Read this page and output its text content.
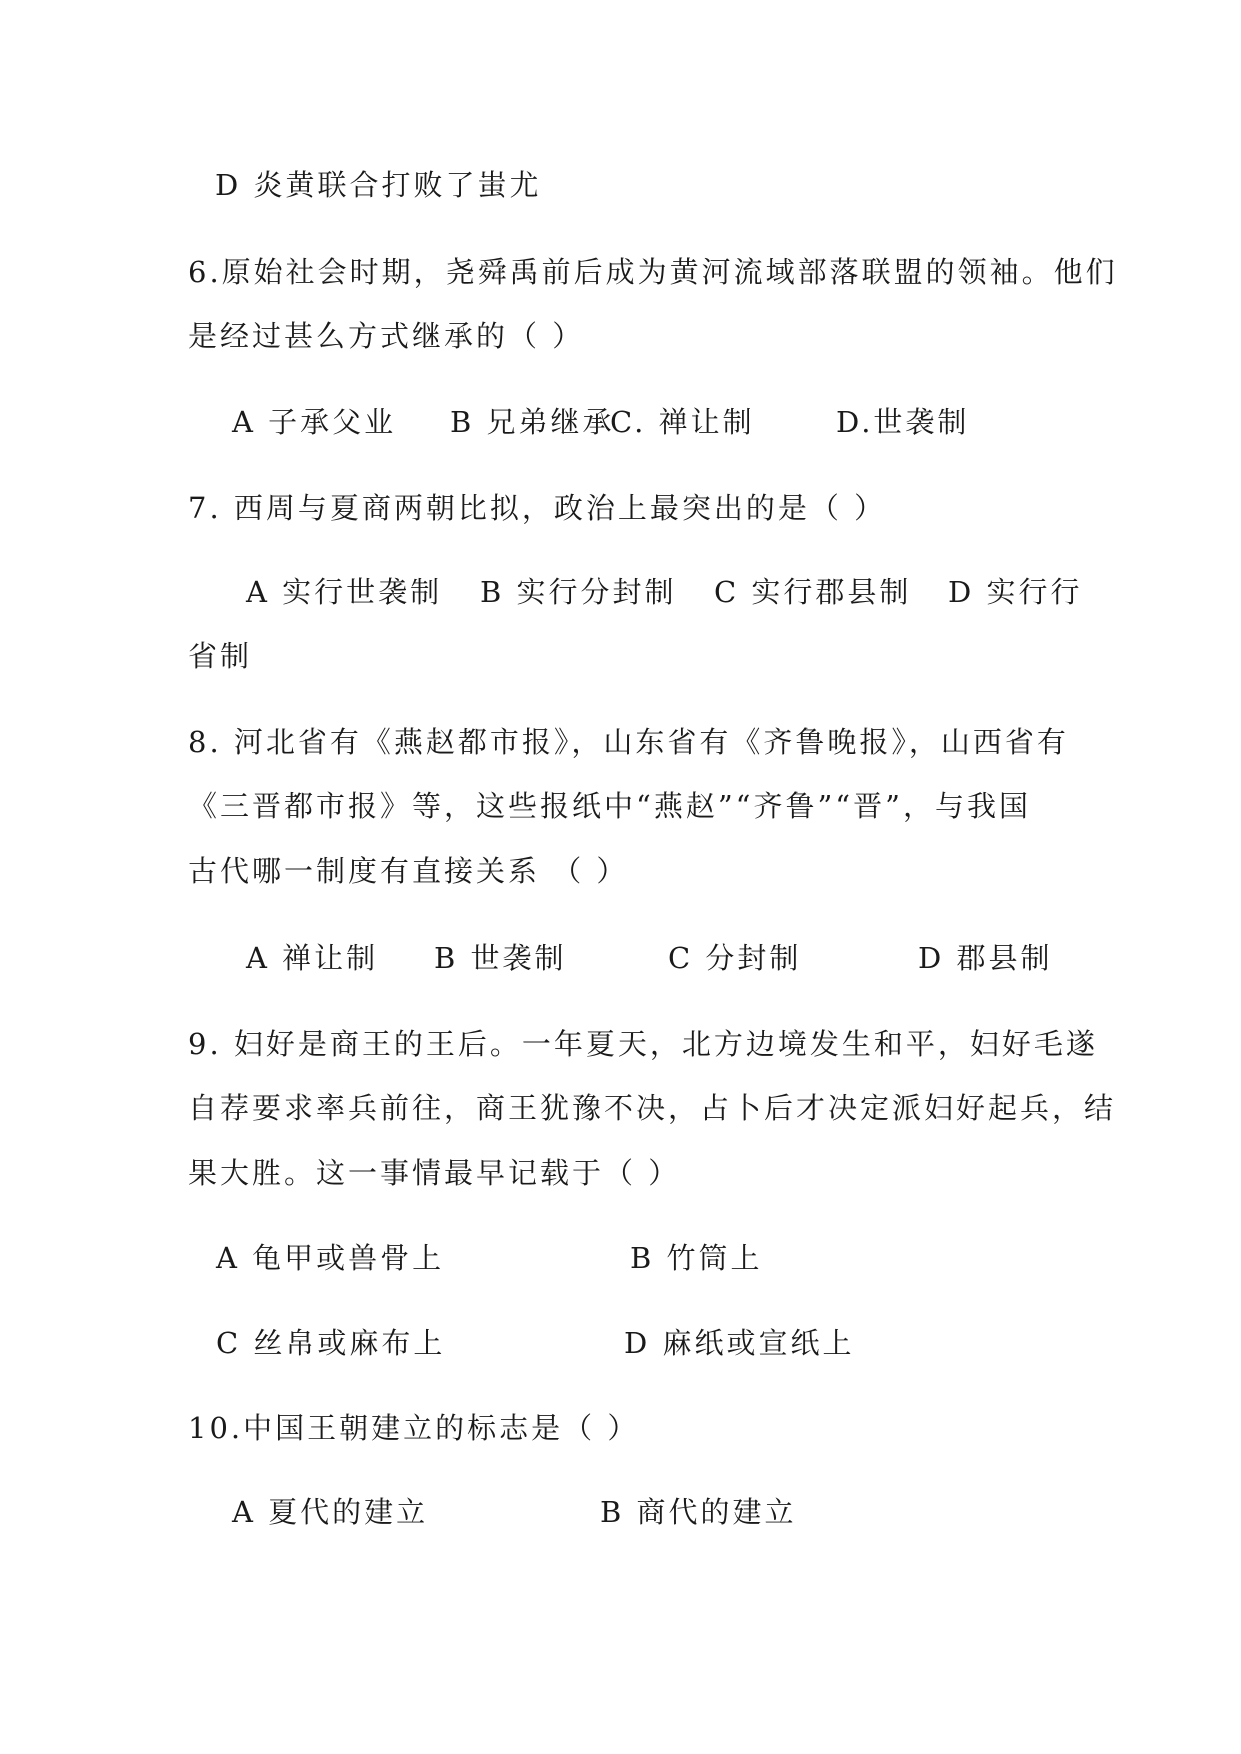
D 炎黄联合打败了蚩尤
6.原始社会时期，尧舜禹前后成为黄河流域部落联盟的领袖。他们
是经过甚么方式继承的（ ）
A 子承父业 B 兄弟继承
C. 禅让制	D.世袭制
7. 西周与夏商两朝比拟，政治上最突出的是（ ）
A 实行世袭制 B 实行分封制 C 实行郡县制 D 实行行
省制
8. 河北省有《燕赵都市报》，山东省有《齐鲁晚报》，山西省有
《三晋都市报》等，这些报纸中“燕赵”“齐鲁”“晋”，与我国
古代哪一制度有直接关系 （ ）
A 禅让制 B 世袭制	C 分封制	D 郡县制
9. 妇好是商王的王后。一年夏天，北方边境发生和平，妇好毛遂
自荐要求率兵前往，商王犹豫不决，占卜后才决定派妇好起兵，结
果大胜。这一事情最早记载于（ ）
A 龟甲或兽骨上	B 竹筒上
C 丝帛或麻布上	D 麻纸或宣纸上
10.中国王朝建立的标志是（ ）
A 夏代的建立	B 商代的建立
